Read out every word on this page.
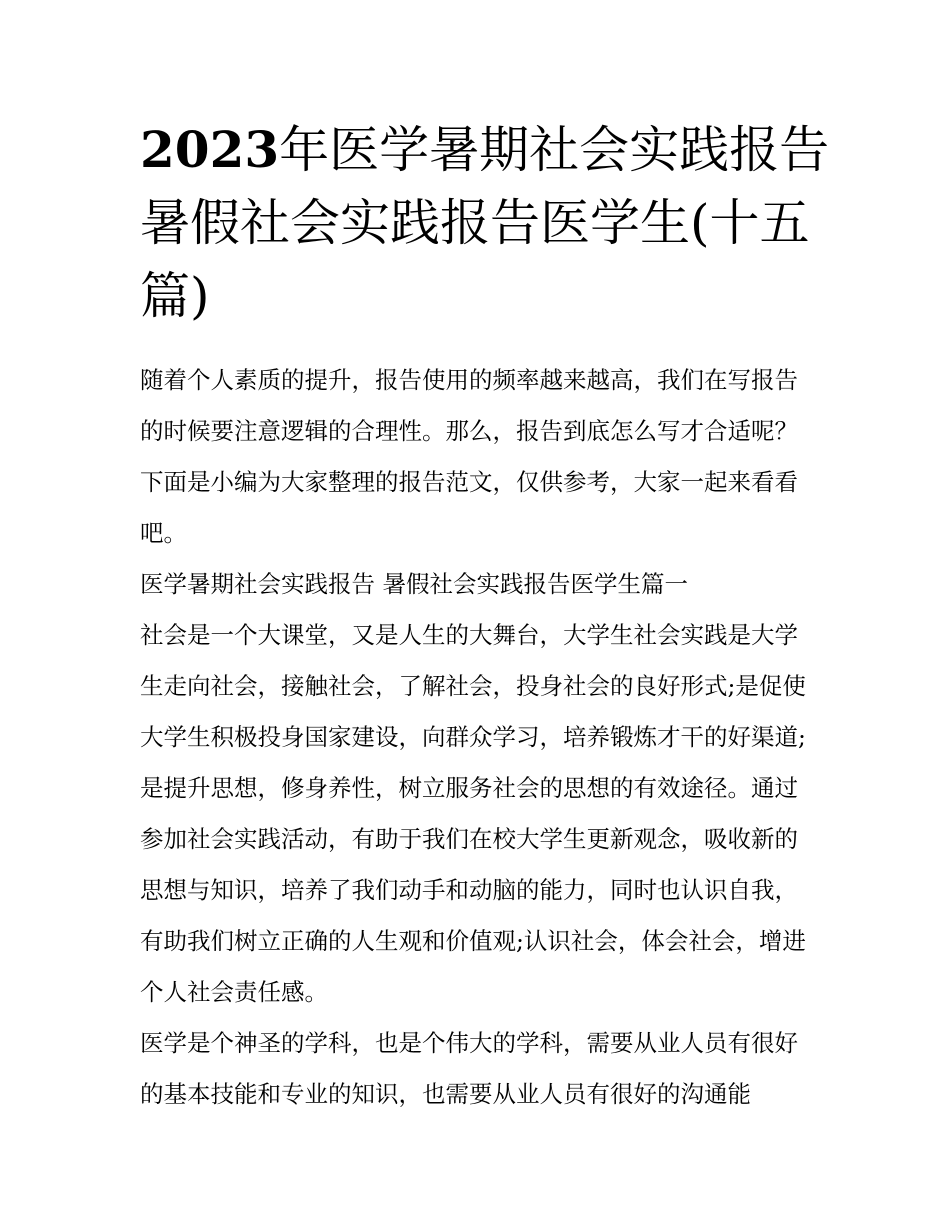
2023年医学暑期社会实践报告 暑假社会实践报告医学生(十五篇)

随着个人素质的提升，报告使用的频率越来越高，我们在写报告的时候要注意逻辑的合理性。那么，报告到底怎么写才合适呢？下面是小编为大家整理的报告范文，仅供参考，大家一起来看看吧。

医学暑期社会实践报告 暑假社会实践报告医学生篇一

社会是一个大课堂，又是人生的大舞台，大学生社会实践是大学生走向社会，接触社会，了解社会，投身社会的良好形式;是促使大学生积极投身国家建设，向群众学习，培养锻炼才干的好渠道;是提升思想，修身养性，树立服务社会的思想的有效途径。通过参加社会实践活动，有助于我们在校大学生更新观念，吸收新的思想与知识，培养了我们动手和动脑的能力，同时也认识自我，有助我们树立正确的人生观和价值观;认识社会，体会社会，增进个人社会责任感。

医学是个神圣的学科，也是个伟大的学科，需要从业人员有很好的基本技能和专业的知识，也需要从业人员有很好的沟通能
